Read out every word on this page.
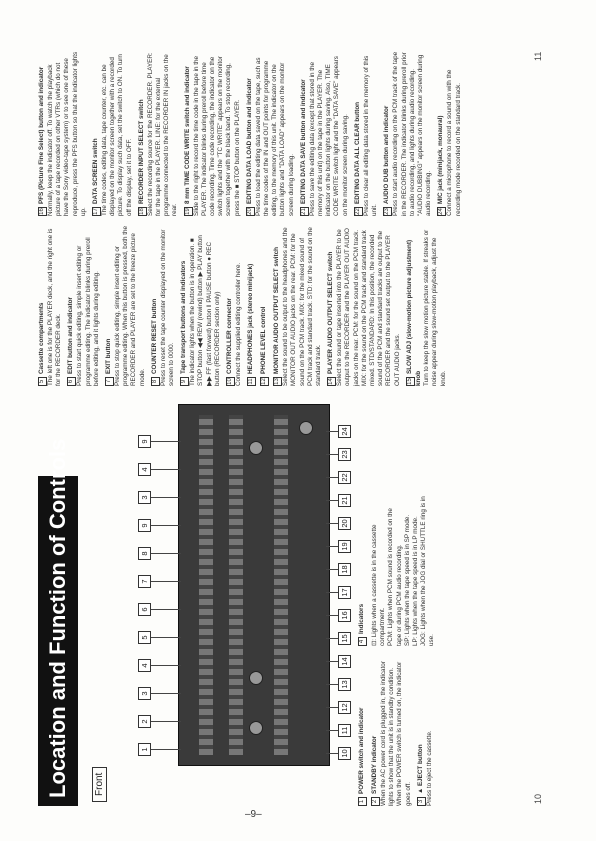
–9–
Location and Function of Controls	Front
1POWER switch and indicator
2STANDBY indicator When the AC power cord is plugged in, the indicator lights to show that the unit is in standby condition. When the POWER switch is turned on, the indicator goes off. 3▲ EJECT button Press to eject the cassette.
4Indicators ⊡: Lights when a cassette is in the cassette compartment. PCM: Lights when PCM sound is recorded on the tape or during PCM audio recording. SP: Lights when the tape speed is in SP mode. LP: Lights when the tape speed is in LP mode. JOG: Lights when the JOG dial or SHUTTLE ring is in use.
5Cassette compartments The left one is for the PLAYER deck, and the right one is for the RECORDER deck. 6EDIT button and indicator Press to start quick editing, simple insert editing or programme editing. The indicator blinks during preroll before editing, and it lights during editing. 7EXIT button Press to stop quick editing, simple insert editing or programme editing. When this button is pressed, both the RECORDER and PLAYER are set to the freeze picture mode. 8COUNTER RESET button Press to reset the tape counter displayed on the monitor screen to 0000. 9Tape transport buttons and indicators The indicator lights when the button is in operation. ■ STOP button ◀◀ REW (rewind) button ▶ PLAY button ▶▶ FF (fast forward) button ‖ PAUSE button ● REC button (RECORDER section only) 10CONTROLLER connector Connect the supplied editing controller here. 11HEADPHONES jack (stereo minijack)
12PHONE LEVEL control
13MONITOR AUDIO OUTPUT SELECT switch Select the sound to be output to the headphones and the MONITOR OUT AUDIO jacks on the rear. PCM: for the sound on the PCM track. MIX: for the mixed sound of PCM track and standard track. STD: for the sound on the standard track. 14PLAYER AUDIO OUTPUT SELECT switch Select the sound or tape inserted into the PLAYER to be output to the RECORDER and the PLAYER OUT AUDIO jacks on the rear. PCM: for the sound on the PCM track. MIX: for the sound on the PCM track and standard track mixed. STD/STANDARD: In this position, the recorded sound of the PCM and standard tracks are output to the RECORDER and the sound set output to the PLAYER OUT AUDIO jacks. 15SLOW ADJ (slow-motion picture adjustment) knob Turn to keep the slow motion picture stable. If streaks or noise appear during slow-motion playback, adjust the knob.
16PFS (Picture Fine Select) button and indicator Normally, keep the indicator off. To watch the playback picture of a tape recorded on other VTRs (which do not have the Sony video-tape system) or to see one of these reproduce, press the PFS button so that the indicator lights up. 17DATA SCREEN switch The time codes, editing data, tape counter, etc. can be displayed on the monitor screen together with a recorded picture. To display such data, set the switch to ON. To turn off the display, set it to OFF. 18RECORDER INPUT SELECT switch Select the recording source for the RECORDER. PLAYER: for the tape in the PLAYER. LINE: for the external programme connected to the RECORDER IN jacks on the rear. 198 mm TIME CODE WRITE switch and indicator Slide to the right to record the time code in the tape in the PLAYER. The indicator blinks during preroll before time code recording. Time code recording, the indicator on the switch lights and the "TC WRITE" appears on the monitor screen together with the black band. To stop recording, press the ■ STOP button on the PLAYER. 20EDITING DATA LOAD button and indicator Press to load the editing data saved on the tape, such as the time codes of the IN and OUT points for programme editing, to the memory of this unit. The indicator on the button lights and "DATA LOAD" appears on the monitor screen during loading. 21EDITING DATA SAVE button and indicator Press to save the editing data (except that stored in the memory of this unit) on the tape in the PLAYER. The indicator on the button lights during saving. Also, TIME CODE WRITE switch light and the "DATA SAVE" appears on the monitor screen during saving. 22EDITING DATA ALL CLEAR button Press to clear all editing data stored in the memory of this unit. 23AUDIO DUB button and indicator Press to start audio recording on the PCM track of the tape in the RECORDER. The indicator blinks during preroll prior to audio recording, and lights during audio recording. "AUDIO DUBBING" appears on the monitor screen during audio recording. 24MIC jack (minijack, monaural) Connect a microphone to record a sound on with the recording mode recorded on the standard track.
10
11
1
2
3
4
5
6
7
8
9
3
4
9
10
11
12
13
14
15
16
17
18
19
20
21
22
23
24
